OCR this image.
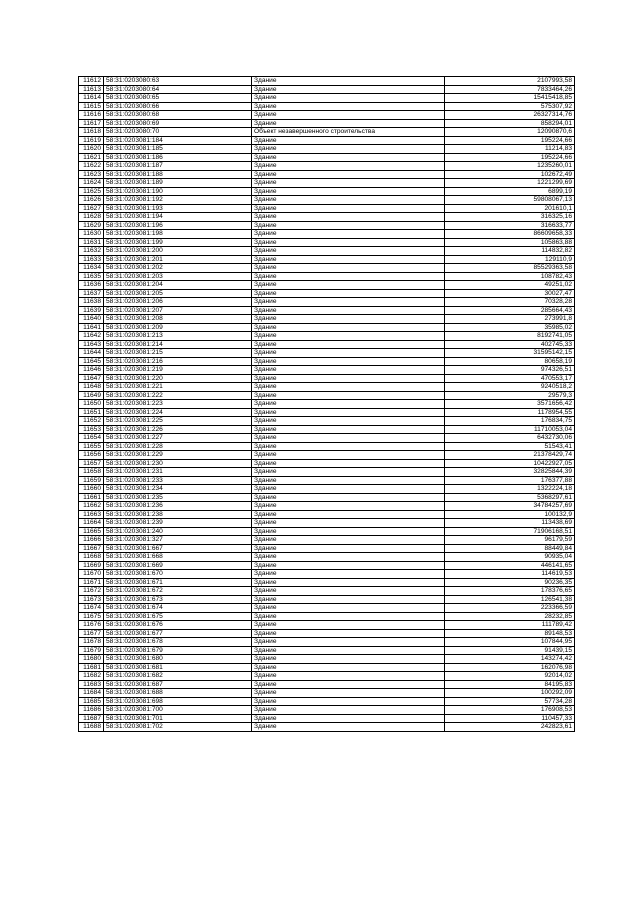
11612	58:31:0203080:63	Здание	2107993,58
11613	58:31:0203080:64	Здание	7833464,26
11614	58:31:0203080:65	Здание	15415418,85
11615	58:31:0203080:66	Здание	575307,92
11616	58:31:0203080:68	Здание	26327314,76
11617	58:31:0203080:69	Здание	858294,01
11618	58:31:0203080:70	Объект незавершенного строительства	12090870,6
11619	58:31:0203081:184	Здание	195224,66
11620	58:31:0203081:185	Здание	11214,83
11621	58:31:0203081:186	Здание	195224,66
11622	58:31:0203081:187	Здание	1235260,01
11623	58:31:0203081:188	Здание	102672,49
11624	58:31:0203081:189	Здание	1221299,69
11625	58:31:0203081:190	Здание	6899,19
11626	58:31:0203081:192	Здание	59808067,13
11627	58:31:0203081:193	Здание	201610,1
11628	58:31:0203081:194	Здание	316325,16
11629	58:31:0203081:196	Здание	316633,77
11630	58:31:0203081:198	Здание	86609658,33
11631	58:31:0203081:199	Здание	105863,88
11632	58:31:0203081:200	Здание	114832,82
11633	58:31:0203081:201	Здание	129110,9
11634	58:31:0203081:202	Здание	85529363,58
11635	58:31:0203081:203	Здание	108782,43
11636	58:31:0203081:204	Здание	49251,02
11637	58:31:0203081:205	Здание	30027,47
11638	58:31:0203081:206	Здание	70328,28
11639	58:31:0203081:207	Здание	285664,43
11640	58:31:0203081:208	Здание	273991,8
11641	58:31:0203081:209	Здание	35985,02
11642	58:31:0203081:213	Здание	8192741,05
11643	58:31:0203081:214	Здание	402745,33
11644	58:31:0203081:215	Здание	31595142,15
11645	58:31:0203081:216	Здание	80658,19
11646	58:31:0203081:219	Здание	974326,51
11647	58:31:0203081:220	Здание	470553,17
11648	58:31:0203081:221	Здание	9240518,2
11649	58:31:0203081:222	Здание	29579,3
11650	58:31:0203081:223	Здание	3571656,42
11651	58:31:0203081:224	Здание	1178954,55
11652	58:31:0203081:225	Здание	176834,75
11653	58:31:0203081:226	Здание	11710053,04
11654	58:31:0203081:227	Здание	6432730,06
11655	58:31:0203081:228	Здание	51543,41
11656	58:31:0203081:229	Здание	21378429,74
11657	58:31:0203081:230	Здание	10422927,05
11658	58:31:0203081:231	Здание	32825844,39
11659	58:31:0203081:233	Здание	176377,88
11660	58:31:0203081:234	Здание	1322224,18
11661	58:31:0203081:235	Здание	5368297,61
11662	58:31:0203081:236	Здание	34784257,69
11663	58:31:0203081:238	Здание	100132,9
11664	58:31:0203081:239	Здание	113438,69
11665	58:31:0203081:240	Здание	71906168,51
11666	58:31:0203081:327	Здание	96179,59
11667	58:31:0203081:667	Здание	88449,84
11668	58:31:0203081:668	Здание	90935,04
11669	58:31:0203081:669	Здание	446141,65
11670	58:31:0203081:670	Здание	114619,53
11671	58:31:0203081:671	Здание	90236,35
11672	58:31:0203081:672	Здание	178376,65
11673	58:31:0203081:673	Здание	126541,38
11674	58:31:0203081:674	Здание	223366,59
11675	58:31:0203081:675	Здание	28232,85
11676	58:31:0203081:676	Здание	111789,42
11677	58:31:0203081:677	Здание	89148,53
11678	58:31:0203081:678	Здание	107844,95
11679	58:31:0203081:679	Здание	91439,15
11680	58:31:0203081:680	Здание	143274,42
11681	58:31:0203081:681	Здание	162076,98
11682	58:31:0203081:682	Здание	92014,02
11683	58:31:0203081:687	Здание	84195,83
11684	58:31:0203081:688	Здание	100292,09
11685	58:31:0203081:698	Здание	57734,28
11686	58:31:0203081:700	Здание	176908,53
11687	58:31:0203081:701	Здание	110457,33
11688	58:31:0203081:702	Здание	242823,61
